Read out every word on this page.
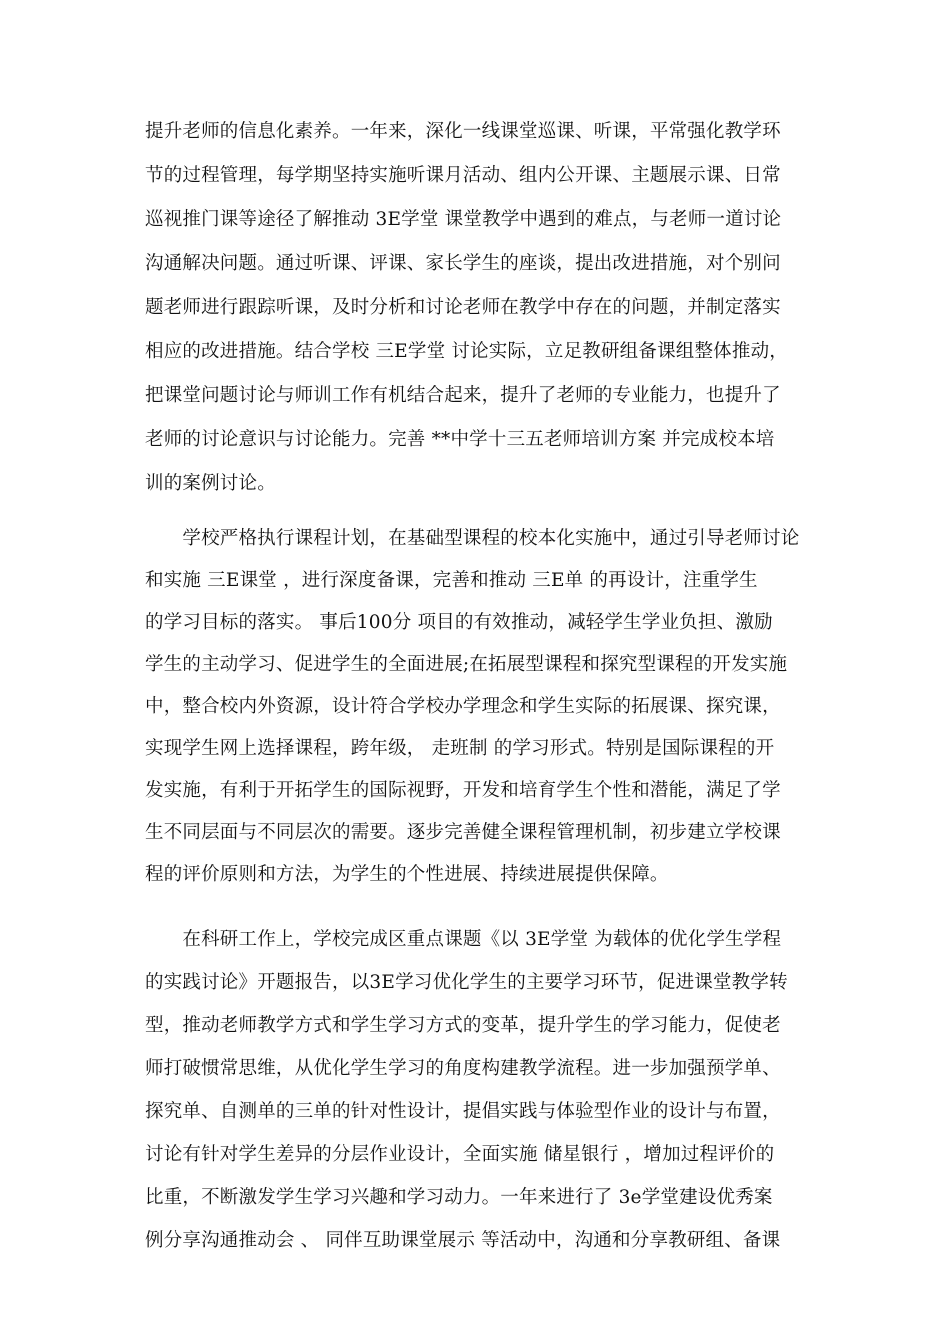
提升老师的信息化素养。一年来，深化一线课堂巡课、听课，平常强化教学环
节的过程管理，每学期坚持实施听课月活动、组内公开课、主题展示课、日常
巡视推门课等途径了解推动 3E学堂 课堂教学中遇到的难点，与老师一道讨论
沟通解决问题。通过听课、评课、家长学生的座谈，提出改进措施，对个别问
题老师进行跟踪听课，及时分析和讨论老师在教学中存在的问题，并制定落实
相应的改进措施。结合学校 三E学堂 讨论实际，立足教研组备课组整体推动，
把课堂问题讨论与师训工作有机结合起来，提升了老师的专业能力，也提升了
老师的讨论意识与讨论能力。完善 **中学十三五老师培训方案 并完成校本培
训的案例讨论。
　　学校严格执行课程计划，在基础型课程的校本化实施中，通过引导老师讨论
和实施 三E课堂 ，进行深度备课，完善和推动 三E单 的再设计，注重学生
的学习目标的落实。 事后100分 项目的有效推动，减轻学生学业负担、激励
学生的主动学习、促进学生的全面进展;在拓展型课程和探究型课程的开发实施
中，整合校内外资源，设计符合学校办学理念和学生实际的拓展课、探究课，
实现学生网上选择课程，跨年级， 走班制 的学习形式。特别是国际课程的开
发实施，有利于开拓学生的国际视野，开发和培育学生个性和潜能，满足了学
生不同层面与不同层次的需要。逐步完善健全课程管理机制，初步建立学校课
程的评价原则和方法，为学生的个性进展、持续进展提供保障。
　　在科研工作上，学校完成区重点课题《以 3E学堂 为载体的优化学生学程
的实践讨论》开题报告，以3E学习优化学生的主要学习环节，促进课堂教学转
型，推动老师教学方式和学生学习方式的变革，提升学生的学习能力，促使老
师打破惯常思维，从优化学生学习的角度构建教学流程。进一步加强预学单、
探究单、自测单的三单的针对性设计，提倡实践与体验型作业的设计与布置，
讨论有针对学生差异的分层作业设计，全面实施 储星银行 ，增加过程评价的
比重，不断激发学生学习兴趣和学习动力。一年来进行了 3e学堂建设优秀案
例分享沟通推动会 、 同伴互助课堂展示 等活动中，沟通和分享教研组、备课
